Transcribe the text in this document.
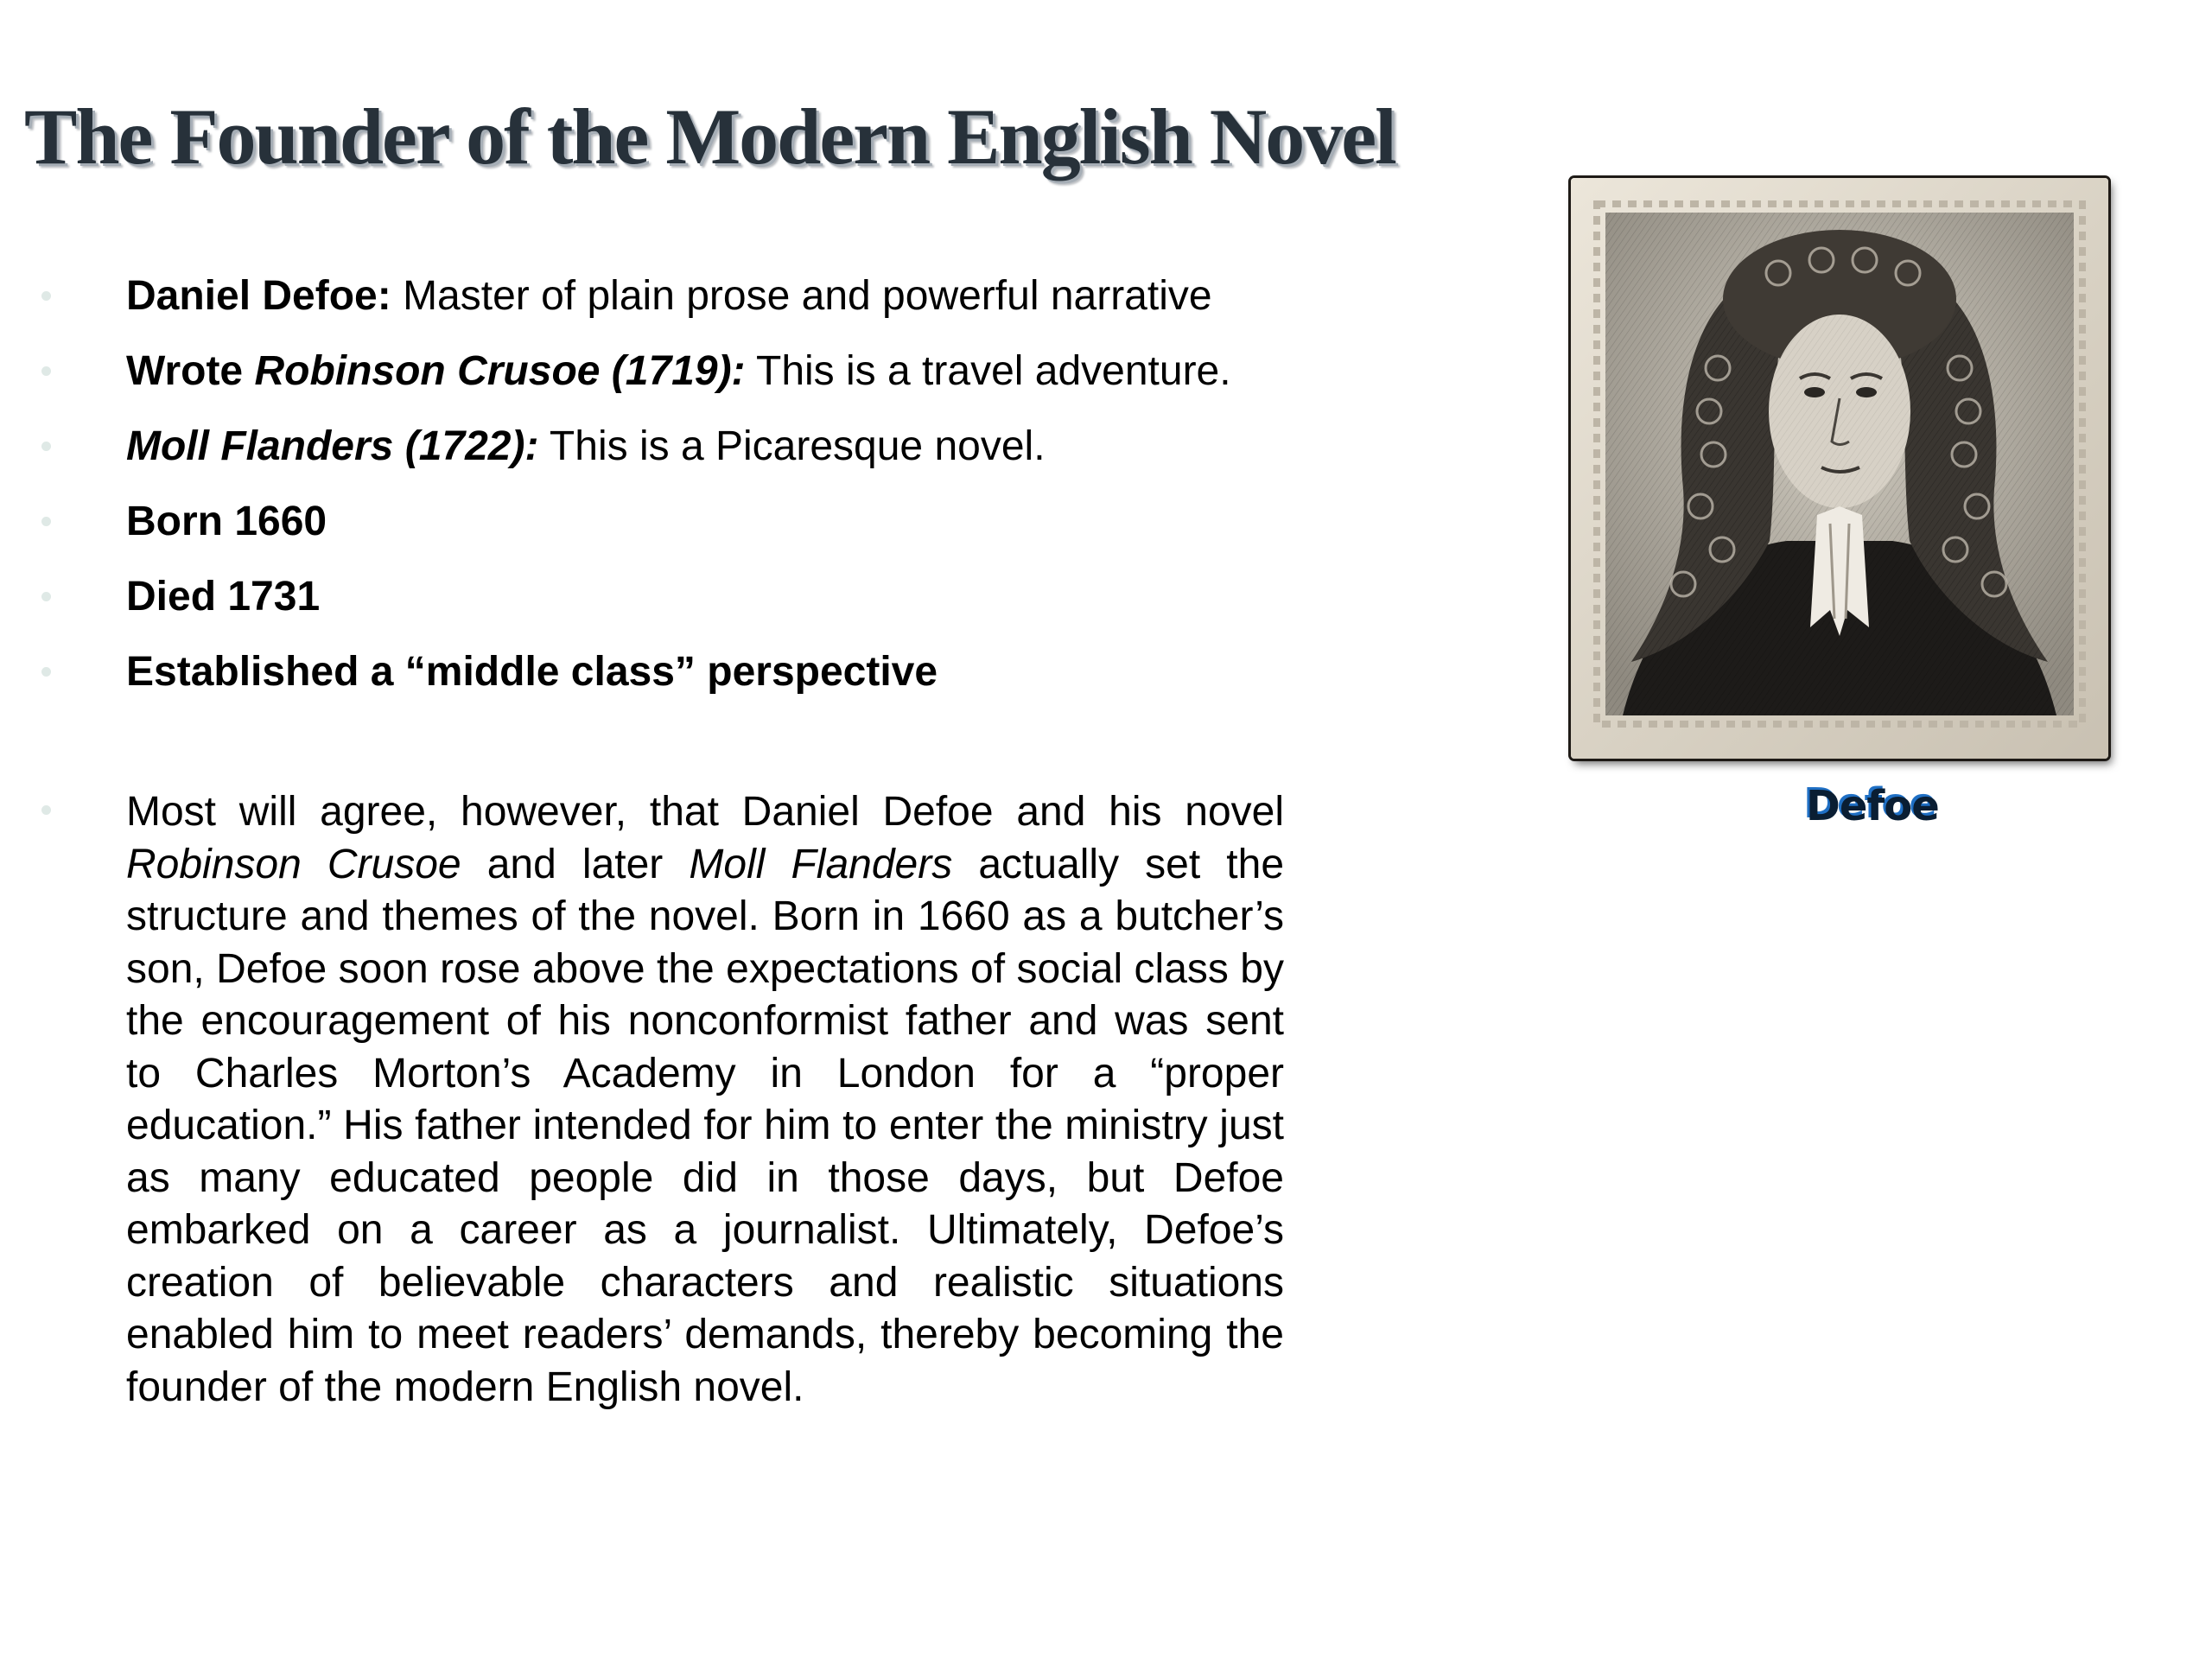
The Founder of the Modern English Novel
Daniel Defoe: Master of plain prose and powerful narrative
Wrote Robinson Crusoe (1719): This is a travel adventure.
Moll Flanders (1722): This is a Picaresque novel.
Born 1660
Died 1731
Established a “middle class” perspective

Most will agree, however, that Daniel Defoe and his novel Robinson Crusoe and later Moll Flanders actually set the structure and themes of the novel. Born in 1660 as a butcher’s son, Defoe soon rose above the expectations of social class by the encouragement of his nonconformist father and was sent to Charles Morton’s Academy in London for a “proper education.” His father intended for him to enter the ministry just as many educated people did in those days, but Defoe embarked on a career as a journalist. Ultimately, Defoe’s creation of believable characters and realistic situations enabled him to meet readers’ demands, thereby becoming the founder of the modern English novel.

Defoe
